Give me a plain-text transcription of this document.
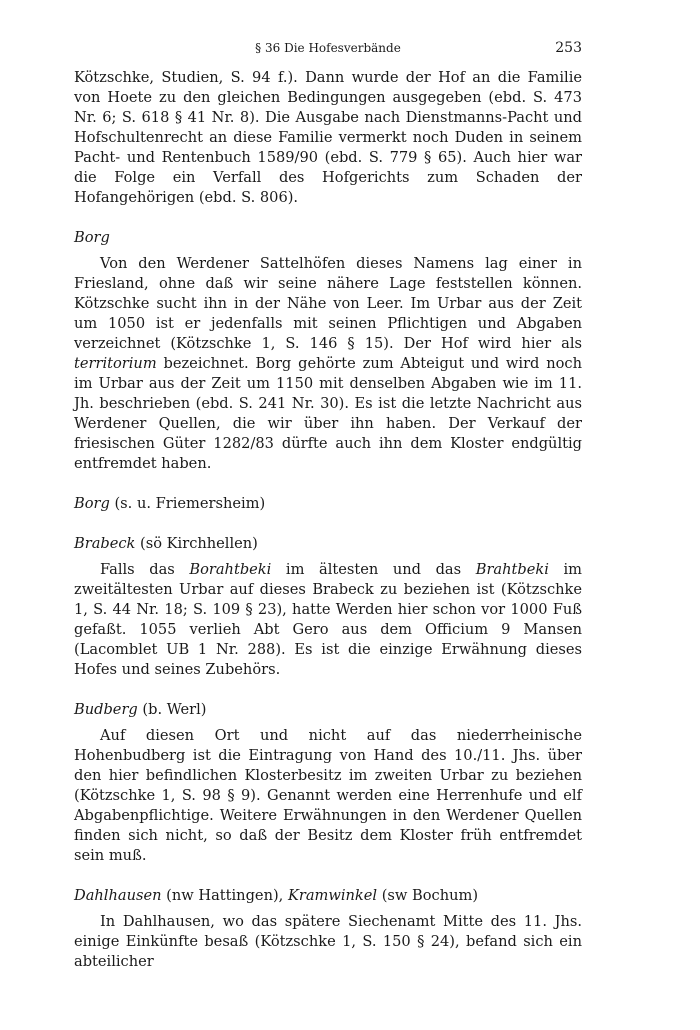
§ 36 Die Hofesverbände	253

Kötzschke, Studien, S. 94 f.). Dann wurde der Hof an die Familie von Hoete zu den gleichen Bedingungen ausgegeben (ebd. S. 473 Nr. 6; S. 618 § 41 Nr. 8). Die Ausgabe nach Dienstmanns-Pacht und Hofschultenrecht an diese Familie vermerkt noch Duden in seinem Pacht- und Rentenbuch 1589/90 (ebd. S. 779 § 65). Auch hier war die Folge ein Verfall des Hofgerichts zum Schaden der Hofangehörigen (ebd. S. 806).

Borg

Von den Werdener Sattelhöfen dieses Namens lag einer in Friesland, ohne daß wir seine nähere Lage feststellen können. Kötzschke sucht ihn in der Nähe von Leer. Im Urbar aus der Zeit um 1050 ist er jedenfalls mit seinen Pflichtigen und Abgaben verzeichnet (Kötzschke 1, S. 146 § 15). Der Hof wird hier als territorium bezeichnet. Borg gehörte zum Abteigut und wird noch im Urbar aus der Zeit um 1150 mit denselben Abgaben wie im 11. Jh. beschrieben (ebd. S. 241 Nr. 30). Es ist die letzte Nachricht aus Werdener Quellen, die wir über ihn haben. Der Verkauf der friesischen Güter 1282/83 dürfte auch ihn dem Kloster endgültig entfremdet haben.

Borg (s. u. Friemersheim)

Brabeck (sö Kirchhellen)

Falls das Borahtbeki im ältesten und das Brahtbeki im zweitältesten Urbar auf dieses Brabeck zu beziehen ist (Kötzschke 1, S. 44 Nr. 18; S. 109 § 23), hatte Werden hier schon vor 1000 Fuß gefaßt. 1055 verlieh Abt Gero aus dem Officium 9 Mansen (Lacomblet UB 1 Nr. 288). Es ist die einzige Erwähnung dieses Hofes und seines Zubehörs.

Budberg (b. Werl)

Auf diesen Ort und nicht auf das niederrheinische Hohenbudberg ist die Eintragung von Hand des 10./11. Jhs. über den hier befindlichen Klosterbesitz im zweiten Urbar zu beziehen (Kötzschke 1, S. 98 § 9). Genannt werden eine Herrenhufe und elf Abgabenpflichtige. Weitere Erwähnungen in den Werdener Quellen finden sich nicht, so daß der Besitz dem Kloster früh entfremdet sein muß.

Dahlhausen (nw Hattingen), Kramwinkel (sw Bochum)

In Dahlhausen, wo das spätere Siechenamt Mitte des 11. Jhs. einige Einkünfte besaß (Kötzschke 1, S. 150 § 24), befand sich ein abteilicher
